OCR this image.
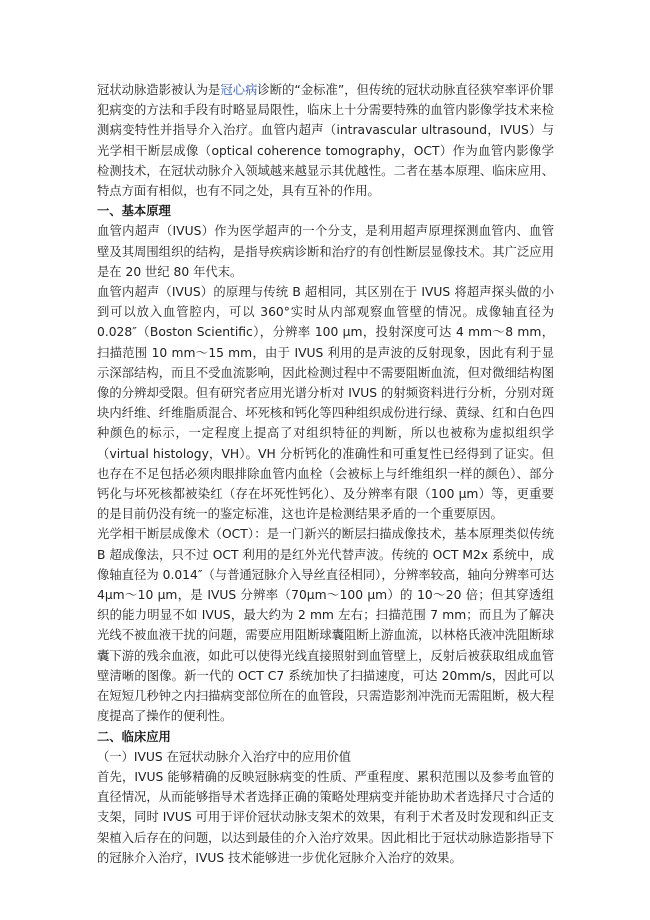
冠状动脉造影被认为是冠心病诊断的“金标准”，但传统的冠状动脉直径狭窄率评价罪犯病变的方法和手段有时略显局限性，临床上十分需要特殊的血管内影像学技术来检测病变特性并指导介入治疗。血管内超声（intravascular ultrasound，IVUS）与光学相干断层成像（optical coherence tomography，OCT）作为血管内影像学检测技术，在冠状动脉介入领域越来越显示其优越性。二者在基本原理、临床应用、特点方面有相似，也有不同之处，具有互补的作用。

一、基本原理

血管内超声（IVUS）作为医学超声的一个分支，是利用超声原理探测血管内、血管壁及其周围组织的结构，是指导疾病诊断和治疗的有创性断层显像技术。其广泛应用是在 20 世纪 80 年代末。

血管内超声（IVUS）的原理与传统 B 超相同，其区别在于 IVUS 将超声探头做的小到可以放入血管腔内，可以 360°实时从内部观察血管壁的情况。成像轴直径为 0.028″（Boston Scientific），分辨率 100 μm，投射深度可达 4 mm～8 mm，扫描范围 10 mm～15 mm，由于 IVUS 利用的是声波的反射现象，因此有利于显示深部结构，而且不受血流影响，因此检测过程中不需要阻断血流，但对微细结构图像的分辨却受限。但有研究者应用光谱分析对 IVUS 的射频资料进行分析，分别对斑块内纤维、纤维脂质混合、坏死核和钙化等四种组织成份进行绿、黄绿、红和白色四种颜色的标示，一定程度上提高了对组织特征的判断，所以也被称为虚拟组织学（virtual histology，VH）。VH 分析钙化的准确性和可重复性已经得到了证实。但也存在不足包括必须肉眼排除血管内血栓（会被标上与纤维组织一样的颜色）、部分钙化与坏死核都被染红（存在坏死性钙化）、及分辨率有限（100 μm）等，更重要的是目前仍没有统一的鉴定标准，这也许是检测结果矛盾的一个重要原因。

光学相干断层成像术（OCT）：是一门新兴的断层扫描成像技术，基本原理类似传统 B 超成像法，只不过 OCT 利用的是红外光代替声波。传统的 OCT M2x 系统中，成像轴直径为 0.014″（与普通冠脉介入导丝直径相同），分辨率较高，轴向分辨率可达 4μm～10 μm，是 IVUS 分辨率（70μm～100 μm）的 10～20 倍；但其穿透组织的能力明显不如 IVUS，最大约为 2 mm 左右；扫描范围 7 mm；而且为了解决光线不被血液干扰的问题，需要应用阻断球囊阻断上游血流，以林格氏液冲洗阻断球囊下游的残余血液，如此可以使得光线直接照射到血管壁上，反射后被获取组成血管壁清晰的图像。新一代的 OCT C7 系统加快了扫描速度，可达 20mm/s，因此可以在短短几秒钟之内扫描病变部位所在的血管段，只需造影剂冲洗而无需阻断，极大程度提高了操作的便利性。

二、临床应用

（一）IVUS 在冠状动脉介入治疗中的应用价值

首先，IVUS 能够精确的反映冠脉病变的性质、严重程度、累积范围以及参考血管的直径情况，从而能够指导术者选择正确的策略处理病变并能协助术者选择尺寸合适的支架，同时 IVUS 可用于评价冠状动脉支架术的效果，有利于术者及时发现和纠正支架植入后存在的问题，以达到最佳的介入治疗效果。因此相比于冠状动脉造影指导下的冠脉介入治疗，IVUS 技术能够进一步优化冠脉介入治疗的效果。
